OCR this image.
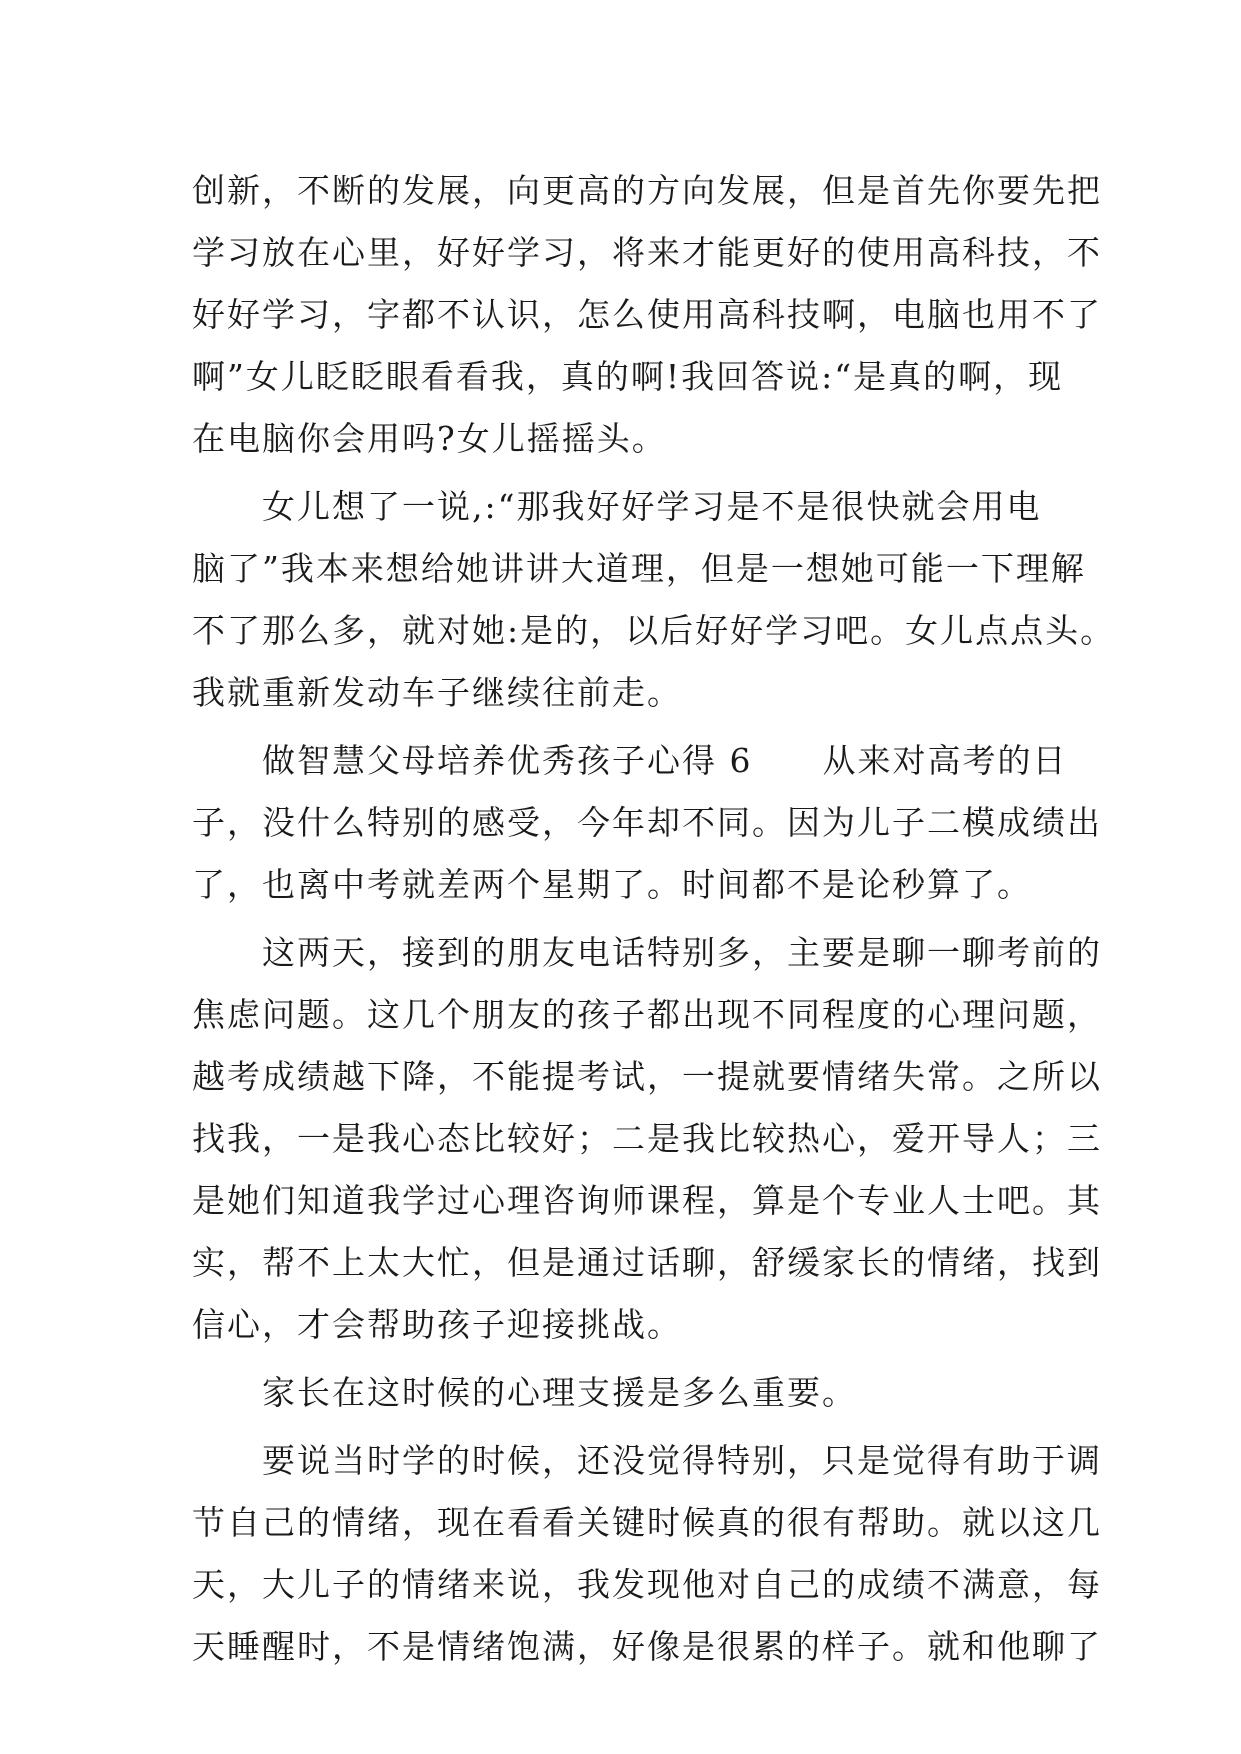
创新，不断的发展，向更高的方向发展，但是首先你要先把
学习放在心里，好好学习，将来才能更好的使用高科技，不
好好学习，字都不认识，怎么使用高科技啊，电脑也用不了
啊”女儿眨眨眼看看我，真的啊!我回答说:“是真的啊，现
在电脑你会用吗?女儿摇摇头。
　　女儿想了一说,:“那我好好学习是不是很快就会用电
脑了”我本来想给她讲讲大道理，但是一想她可能一下理解
不了那么多，就对她:是的，以后好好学习吧。女儿点点头。
我就重新发动车子继续往前走。
　　做智慧父母培养优秀孩子心得 6　　从来对高考的日
子，没什么特别的感受，今年却不同。因为儿子二模成绩出
了，也离中考就差两个星期了。时间都不是论秒算了。
　　这两天，接到的朋友电话特别多，主要是聊一聊考前的
焦虑问题。这几个朋友的孩子都出现不同程度的心理问题，
越考成绩越下降，不能提考试，一提就要情绪失常。之所以
找我，一是我心态比较好；二是我比较热心，爱开导人；三
是她们知道我学过心理咨询师课程，算是个专业人士吧。其
实，帮不上太大忙，但是通过话聊，舒缓家长的情绪，找到
信心，才会帮助孩子迎接挑战。
　　家长在这时候的心理支援是多么重要。
　　要说当时学的时候，还没觉得特别，只是觉得有助于调
节自己的情绪，现在看看关键时候真的很有帮助。就以这几
天，大儿子的情绪来说，我发现他对自己的成绩不满意，每
天睡醒时，不是情绪饱满，好像是很累的样子。就和他聊了
